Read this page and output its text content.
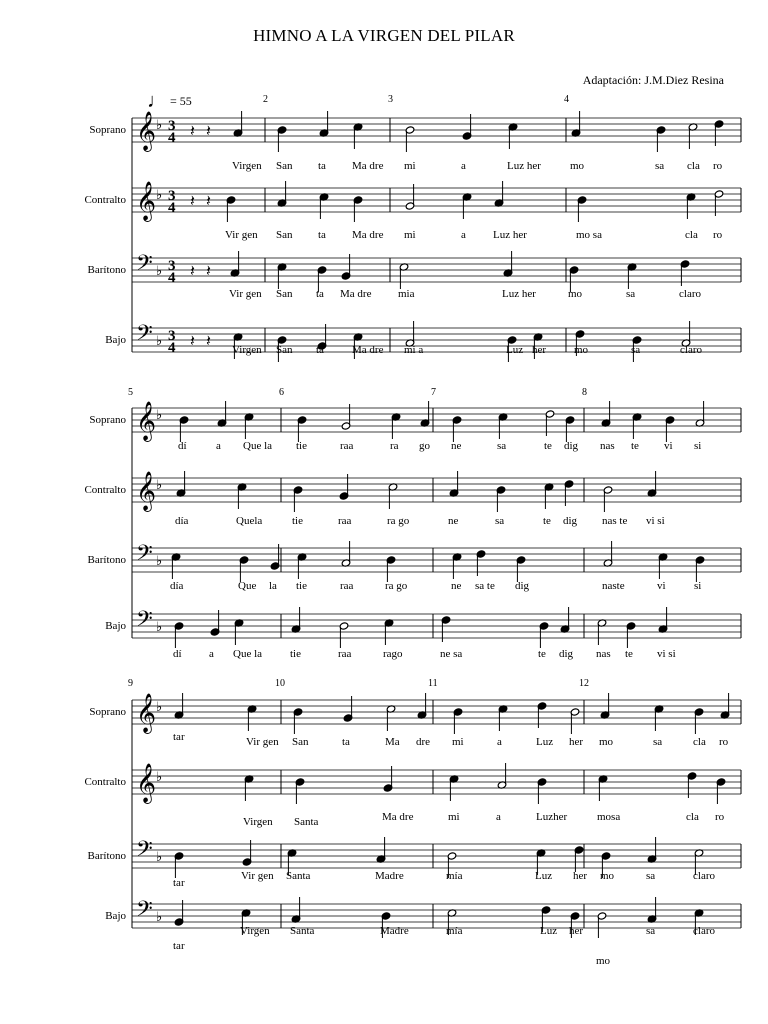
HIMNO A LA VIRGEN DEL PILAR
Adaptación: J.M.Diez Resina
♩ = 55	2	3	4
Soprano 𝄞 ♭ 3
4 𝄽 𝄽
Virgen San ta Ma dre mi	a	Luz her	mo	sa cla ro
Contralto 𝄞 ♭ 3
4 𝄽 𝄽
Vir gen San ta Ma dre mi	a Luz her	mo sa	cla ro
Barítono 𝄢 ♭ 3
4 𝄽 𝄽
Vir gen San ta Ma dre mia	Luz her	mo	sa	claro
Bajo 𝄢 ♭ 3
4 𝄽 𝄽 Virgen San ta	Ma dre mi a	Luz her	mo	sa	claro
5	6	7	8
Soprano 𝄞 ♭
dí	a Que la tie	raa	ra go ne	sa	te dig nas te vi si
Contralto 𝄞 ♭
día	Quela	tie	raa	ra go	ne	sa	te dig nas te vi si
Barítono 𝄢 ♭
día	Que la tie	raa	ra go	ne sa te dig	naste	vi	si
Bajo 𝄢 ♭
dí a Que la	tie	raa	rago	ne sa	te dig nas te vi si
9	10	11	12
Soprano 𝄞 ♭
tar	Vir gen San	ta	Ma dre mi	a	Luz her mo	sa	cla ro
Contralto 𝄞 ♭
Virgen Santa	Ma dre	mi	a	Luzher	mosa	cla ro
Barítono 𝄢 ♭
tar
Vir gen Santa	Madre	mía	Luz her mo	sa	claro
Bajo 𝄢 ♭
tar
Virgen Santa	Madre	mía	Luz her	sa	claro
mo
